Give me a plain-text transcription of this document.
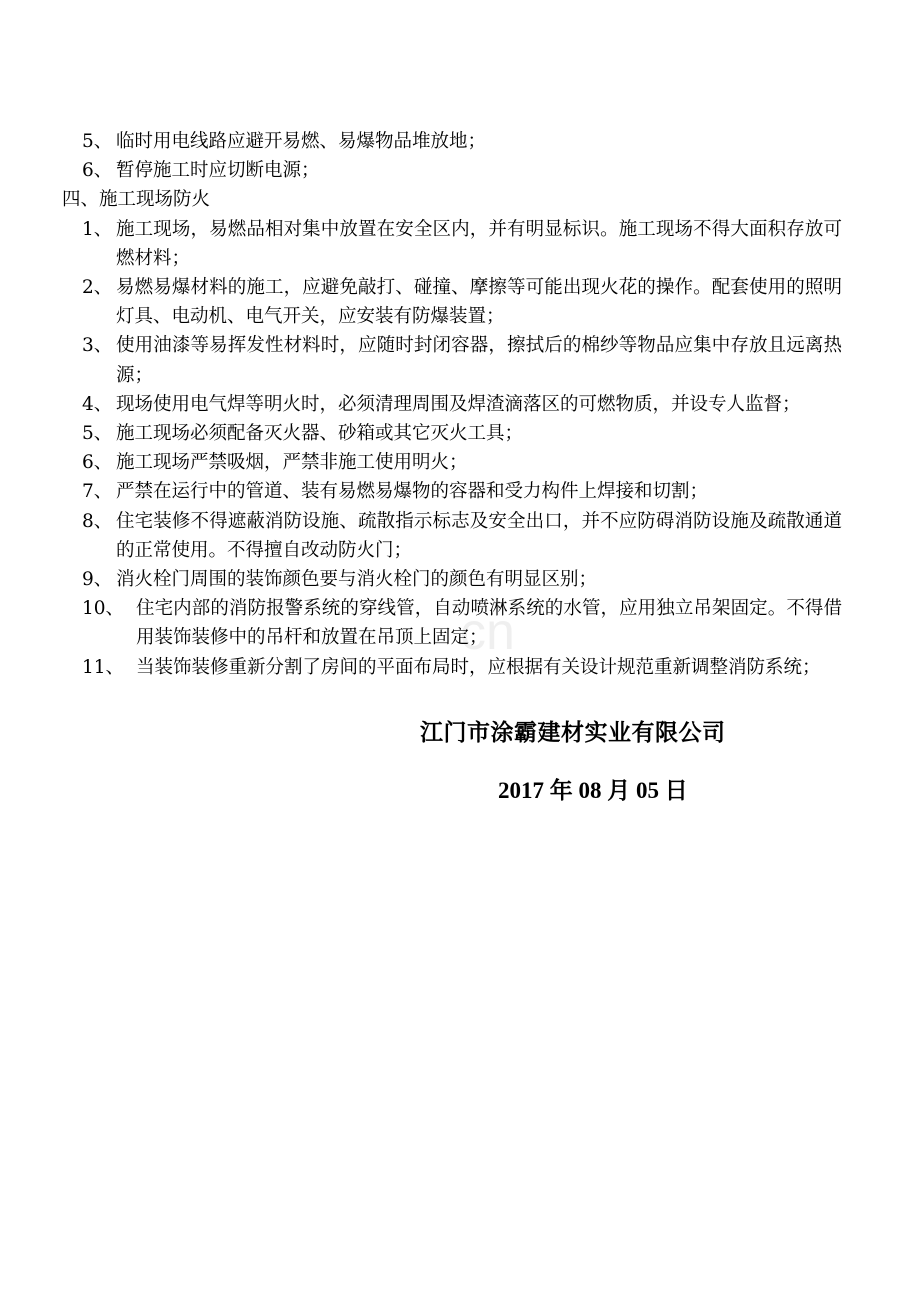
cn
5、 临时用电线路应避开易燃、易爆物品堆放地；
6、 暂停施工时应切断电源；
四、施工现场防火
1、 施工现场，易燃品相对集中放置在安全区内，并有明显标识。施工现场不得大面积存放可燃材料；
2、 易燃易爆材料的施工，应避免敲打、碰撞、摩擦等可能出现火花的操作。配套使用的照明灯具、电动机、电气开关，应安装有防爆装置；
3、 使用油漆等易挥发性材料时，应随时封闭容器，擦拭后的棉纱等物品应集中存放且远离热源；
4、 现场使用电气焊等明火时，必须清理周围及焊渣滴落区的可燃物质，并设专人监督；
5、 施工现场必须配备灭火器、砂箱或其它灭火工具；
6、 施工现场严禁吸烟，严禁非施工使用明火；
7、 严禁在运行中的管道、装有易燃易爆物的容器和受力构件上焊接和切割；
8、 住宅装修不得遮蔽消防设施、疏散指示标志及安全出口，并不应防碍消防设施及疏散通道的正常使用。不得擅自改动防火门；
9、 消火栓门周围的装饰颜色要与消火栓门的颜色有明显区别；
10、 住宅内部的消防报警系统的穿线管，自动喷淋系统的水管，应用独立吊架固定。不得借用装饰装修中的吊杆和放置在吊顶上固定；
11、 当装饰装修重新分割了房间的平面布局时，应根据有关设计规范重新调整消防系统；
江门市涂霸建材实业有限公司
2017 年 08 月 05 日
